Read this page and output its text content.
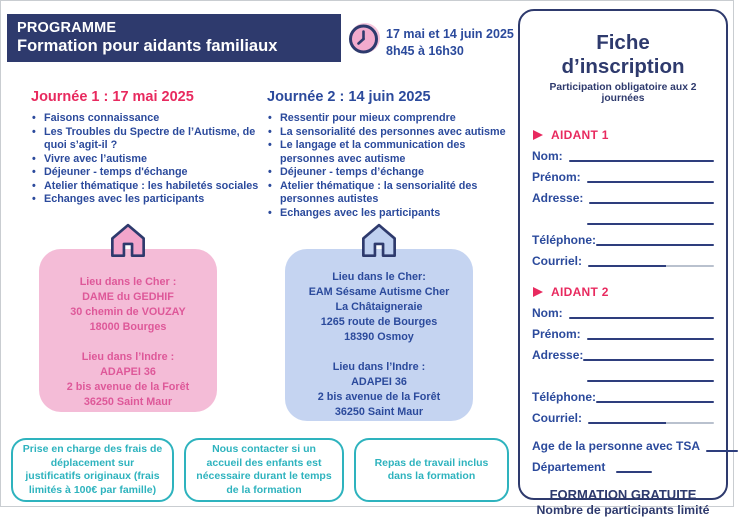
PROGRAMME
Formation pour aidants familiaux
17 mai et 14 juin 2025
8h45 à 16h30
Journée 1 : 17 mai 2025
• Faisons connaissance
• Les Troubles du Spectre de l’Autisme, de quoi s’agit-il ?
• Vivre avec l’autisme
• Déjeuner - temps d'échange
• Atelier thématique : les habiletés sociales
• Echanges avec les participants
Journée 2 : 14 juin 2025
• Ressentir pour mieux comprendre
• La sensorialité des personnes avec autisme
• Le langage et la communication des personnes avec autisme
• Déjeuner - temps d’échange
• Atelier thématique : la sensorialité des personnes autistes
• Echanges avec les participants
Lieu dans le Cher :
DAME du GEDHIF
30 chemin de VOUZAY
18000 Bourges
Lieu dans l’Indre :
ADAPEI 36
2 bis avenue de la Forêt
36250 Saint Maur
Lieu dans le Cher:
EAM Sésame Autisme Cher
La Châtaigneraie
1265 route de Bourges
18390 Osmoy
Lieu dans l’Indre :
ADAPEI 36
2 bis avenue de la Forêt
36250 Saint Maur
Prise en charge des frais de déplacement sur justificatifs originaux (frais limités à 100€ par famille)
Nous contacter si un accueil des enfants est nécessaire durant le temps de la formation
Repas de travail inclus dans la formation
Fiche d’inscription
Participation obligatoire aux 2 journées
AIDANT 1
Nom:
Prénom:
Adresse:
Téléphone:
Courriel:
AIDANT 2
Nom:
Prénom:
Adresse:
Téléphone:
Courriel:
Age de la personne avec TSA
Département
FORMATION GRATUITE
Nombre de participants limité
